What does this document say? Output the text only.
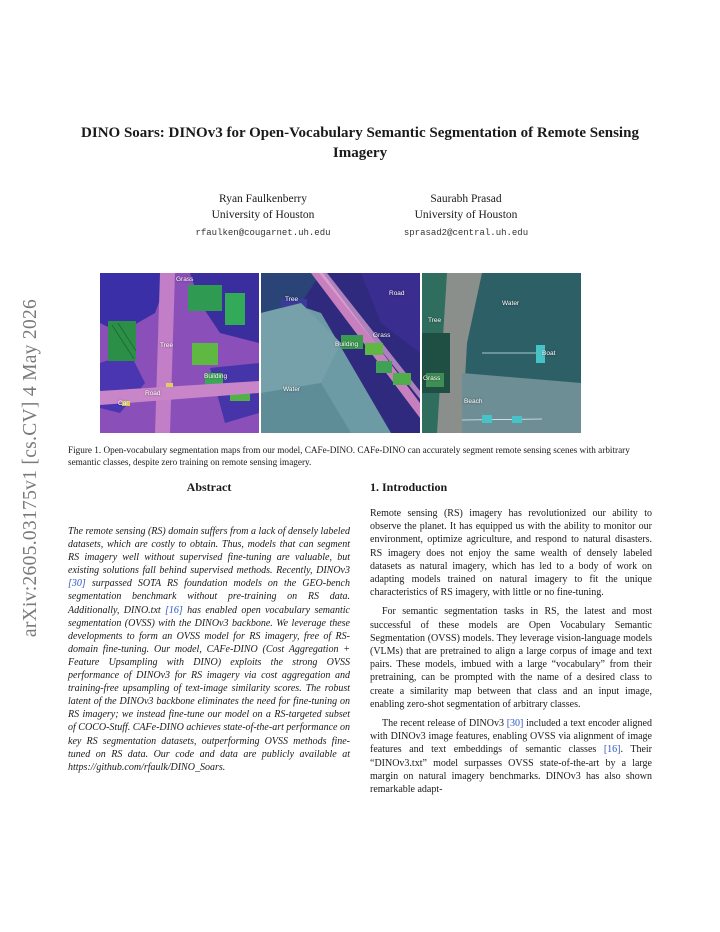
arXiv:2605.03175v1 [cs.CV] 4 May 2026
DINO Soars: DINOv3 for Open-Vocabulary Semantic Segmentation of Remote Sensing Imagery
Ryan Faulkenberry
University of Houston
rfaulken@cougarnet.uh.edu
Saurabh Prasad
University of Houston
sprasad2@central.uh.edu
Grass
Tree
Building
Road
Car
Tree
Road
Grass
Building
Water
Water
Tree
Boat
Grass
Beach
Figure 1. Open-vocabulary segmentation maps from our model, CAFe-DINO. CAFe-DINO can accurately segment remote sensing scenes with arbitrary semantic classes, despite zero training on remote sensing imagery.
Abstract

The remote sensing (RS) domain suffers from a lack of densely labeled datasets, which are costly to obtain. Thus, models that can segment RS imagery well without supervised fine-tuning are valuable, but existing solutions fall behind supervised methods. Recently, DINOv3 [30] surpassed SOTA RS foundation models on the GEO-bench segmentation benchmark without pre-training on RS data. Additionally, DINO.txt [16] has enabled open vocabulary semantic segmentation (OVSS) with the DINOv3 backbone. We leverage these developments to form an OVSS model for RS imagery, free of RS-domain fine-tuning. Our model, CAFe-DINO (Cost Aggregation + Feature Upsampling with DINO) exploits the strong OVSS performance of DINOv3 for RS imagery via cost aggregation and training-free upsampling of text-image similarity scores. The robust latent of the DINOv3 backbone eliminates the need for fine-tuning on RS imagery; we instead fine-tune our model on a RS-targeted subset of COCO-Stuff. CAFe-DINO achieves state-of-the-art performance on key RS segmentation datasets, outperforming OVSS methods fine-tuned on RS data. Our code and data are publicly available at https://github.com/rfaulk/DINO_Soars.

1. Introduction

Remote sensing (RS) imagery has revolutionized our ability to observe the planet. It has equipped us with the ability to monitor our environment, optimize agriculture, and respond to natural disasters. RS imagery does not enjoy the same wealth of densely labeled datasets as natural imagery, which has led to a body of work on adapting models trained on natural imagery to fit the unique characteristics of RS imagery, with little or no fine-tuning.

For semantic segmentation tasks in RS, the latest and most successful of these models are Open Vocabulary Semantic Segmentation (OVSS) models. They leverage vision-language models (VLMs) that are pretrained to align a large corpus of image and text pairs. These models, imbued with a large “vocabulary” from their pretraining, can be prompted with the name of a desired class to create a similarity map between that class and an input image, enabling zero-shot segmentation of arbitrary classes.

The recent release of DINOv3 [30] included a text encoder aligned with DINOv3 image features, enabling OVSS via alignment of image features and text embeddings of semantic classes [16]. Their “DINOv3.txt” model surpasses OVSS state-of-the-art by a large margin on natural imagery benchmarks. DINOv3 has also shown remarkable adapt-
